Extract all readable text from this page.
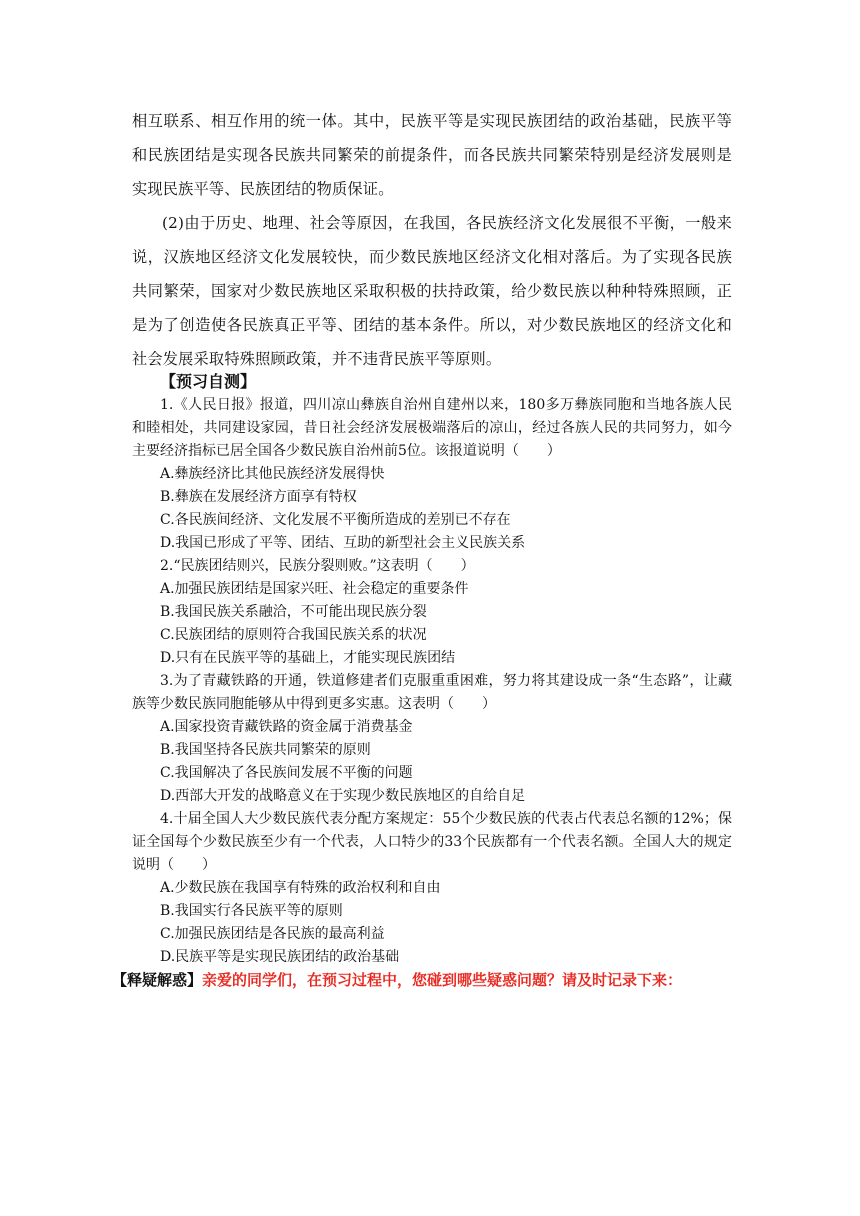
相互联系、相互作用的统一体。其中，民族平等是实现民族团结的政治基础，民族平等和民族团结是实现各民族共同繁荣的前提条件，而各民族共同繁荣特别是经济发展则是实现民族平等、民族团结的物质保证。

(2)由于历史、地理、社会等原因，在我国，各民族经济文化发展很不平衡，一般来说，汉族地区经济文化发展较快，而少数民族地区经济文化相对落后。为了实现各民族共同繁荣，国家对少数民族地区采取积极的扶持政策，给少数民族以种种特殊照顾，正是为了创造使各民族真正平等、团结的基本条件。所以，对少数民族地区的经济文化和社会发展采取特殊照顾政策，并不违背民族平等原则。

【预习自测】

1.《人民日报》报道，四川凉山彝族自治州自建州以来，180多万彝族同胞和当地各族人民和睦相处，共同建设家园，昔日社会经济发展极端落后的凉山，经过各族人民的共同努力，如今主要经济指标已居全国各少数民族自治州前5位。该报道说明（　　）

A.彝族经济比其他民族经济发展得快

B.彝族在发展经济方面享有特权

C.各民族间经济、文化发展不平衡所造成的差别已不存在

D.我国已形成了平等、团结、互助的新型社会主义民族关系

2.“民族团结则兴，民族分裂则败。”这表明（　　）

A.加强民族团结是国家兴旺、社会稳定的重要条件

B.我国民族关系融洽，不可能出现民族分裂

C.民族团结的原则符合我国民族关系的状况

D.只有在民族平等的基础上，才能实现民族团结

3.为了青藏铁路的开通，铁道修建者们克服重重困难，努力将其建设成一条“生态路”，让藏族等少数民族同胞能够从中得到更多实惠。这表明（　　）

A.国家投资青藏铁路的资金属于消费基金

B.我国坚持各民族共同繁荣的原则

C.我国解决了各民族间发展不平衡的问题

D.西部大开发的战略意义在于实现少数民族地区的自给自足

4.十届全国人大少数民族代表分配方案规定：55个少数民族的代表占代表总名额的12%；保证全国每个少数民族至少有一个代表，人口特少的33个民族都有一个代表名额。全国人大的规定说明（　　）

A.少数民族在我国享有特殊的政治权利和自由

B.我国实行各民族平等的原则

C.加强民族团结是各民族的最高利益

D.民族平等是实现民族团结的政治基础

【释疑解惑】亲爱的同学们，在预习过程中，您碰到哪些疑惑问题？请及时记录下来：
